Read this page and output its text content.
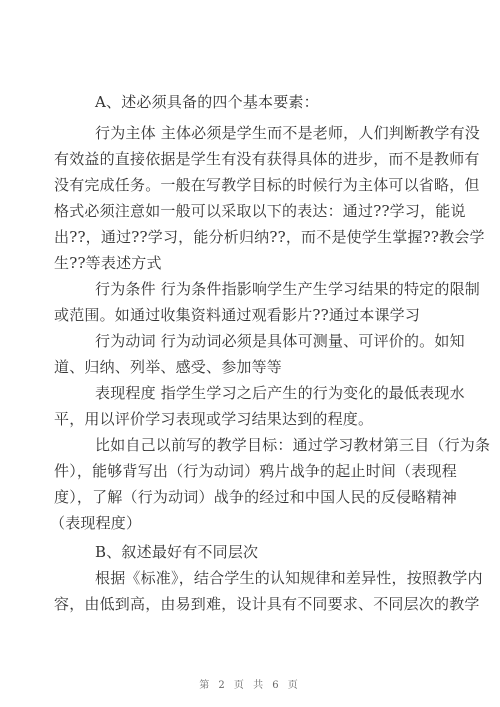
A、述必须具备的四个基本要素：
行为主体 主体必须是学生而不是老师，人们判断教学有没
有效益的直接依据是学生有没有获得具体的进步，而不是教师有
没有完成任务。一般在写教学目标的时候行为主体可以省略，但
格式必须注意如一般可以采取以下的表达：通过??学习，能说
出??，通过??学习，能分析归纳??，而不是使学生掌握??教会学
生??等表述方式
行为条件 行为条件指影响学生产生学习结果的特定的限制
或范围。如通过收集资料通过观看影片??通过本课学习
行为动词 行为动词必须是具体可测量、可评价的。如知
道、归纳、列举、感受、参加等等
表现程度 指学生学习之后产生的行为变化的最低表现水
平，用以评价学习表现或学习结果达到的程度。
比如自己以前写的教学目标：通过学习教材第三目（行为条
件），能够背写出（行为动词）鸦片战争的起止时间（表现程
度），了解（行为动词）战争的经过和中国人民的反侵略精神
（表现程度）
B、叙述最好有不同层次
根据《标准》，结合学生的认知规律和差异性，按照教学内
容，由低到高，由易到难，设计具有不同要求、不同层次的教学
第 2 页 共 6 页
